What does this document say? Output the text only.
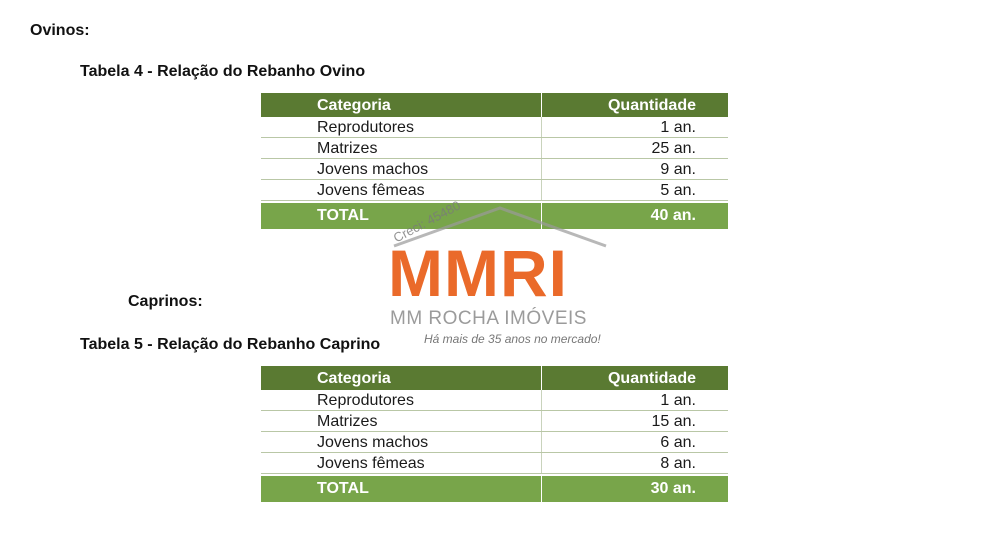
Ovinos:
Tabela 4 - Relação do Rebanho Ovino
Categoria	Quantidade
Reprodutores	1 an.
Matrizes	25 an.
Jovens machos	9 an.
Jovens fêmeas	5 an.
TOTAL	40 an.
Caprinos:
Tabela 5 - Relação do Rebanho Caprino
Categoria	Quantidade
Reprodutores	1 an.
Matrizes	15 an.
Jovens machos	6 an.
Jovens fêmeas	8 an.
TOTAL	30 an.
Creci: 45480
MMRI
MM ROCHA IMÓVEIS
Há mais de 35 anos no mercado!
